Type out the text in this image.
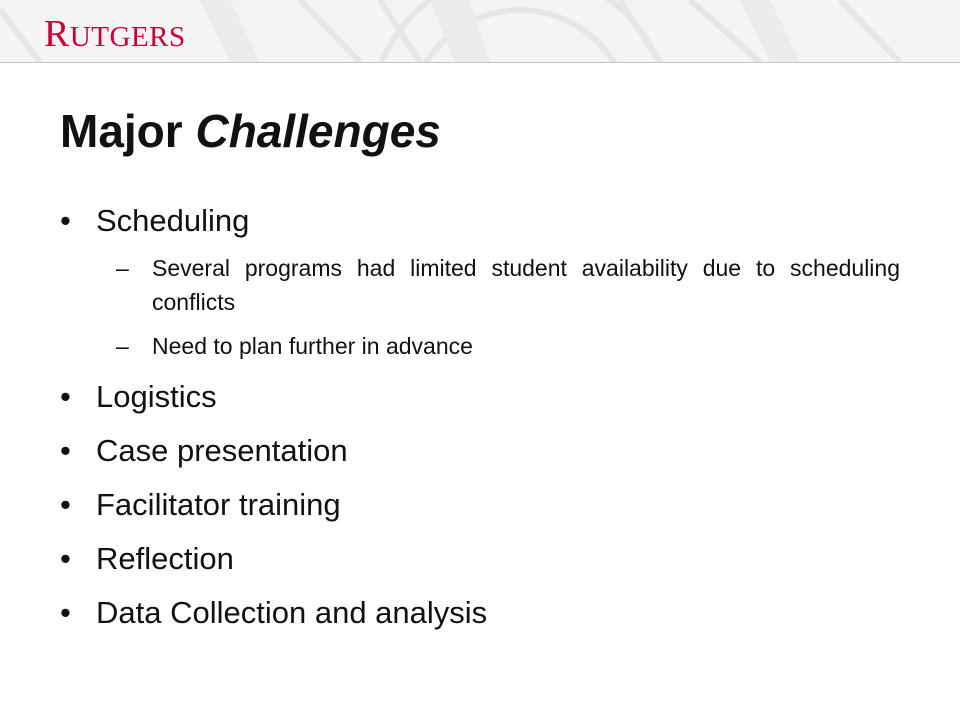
RUTGERS
Major Challenges
• Scheduling
–	Several programs had limited student availability due to scheduling conflicts
–	Need to plan further in advance
• Logistics
• Case presentation
• Facilitator training
• Reflection
• Data Collection and analysis
